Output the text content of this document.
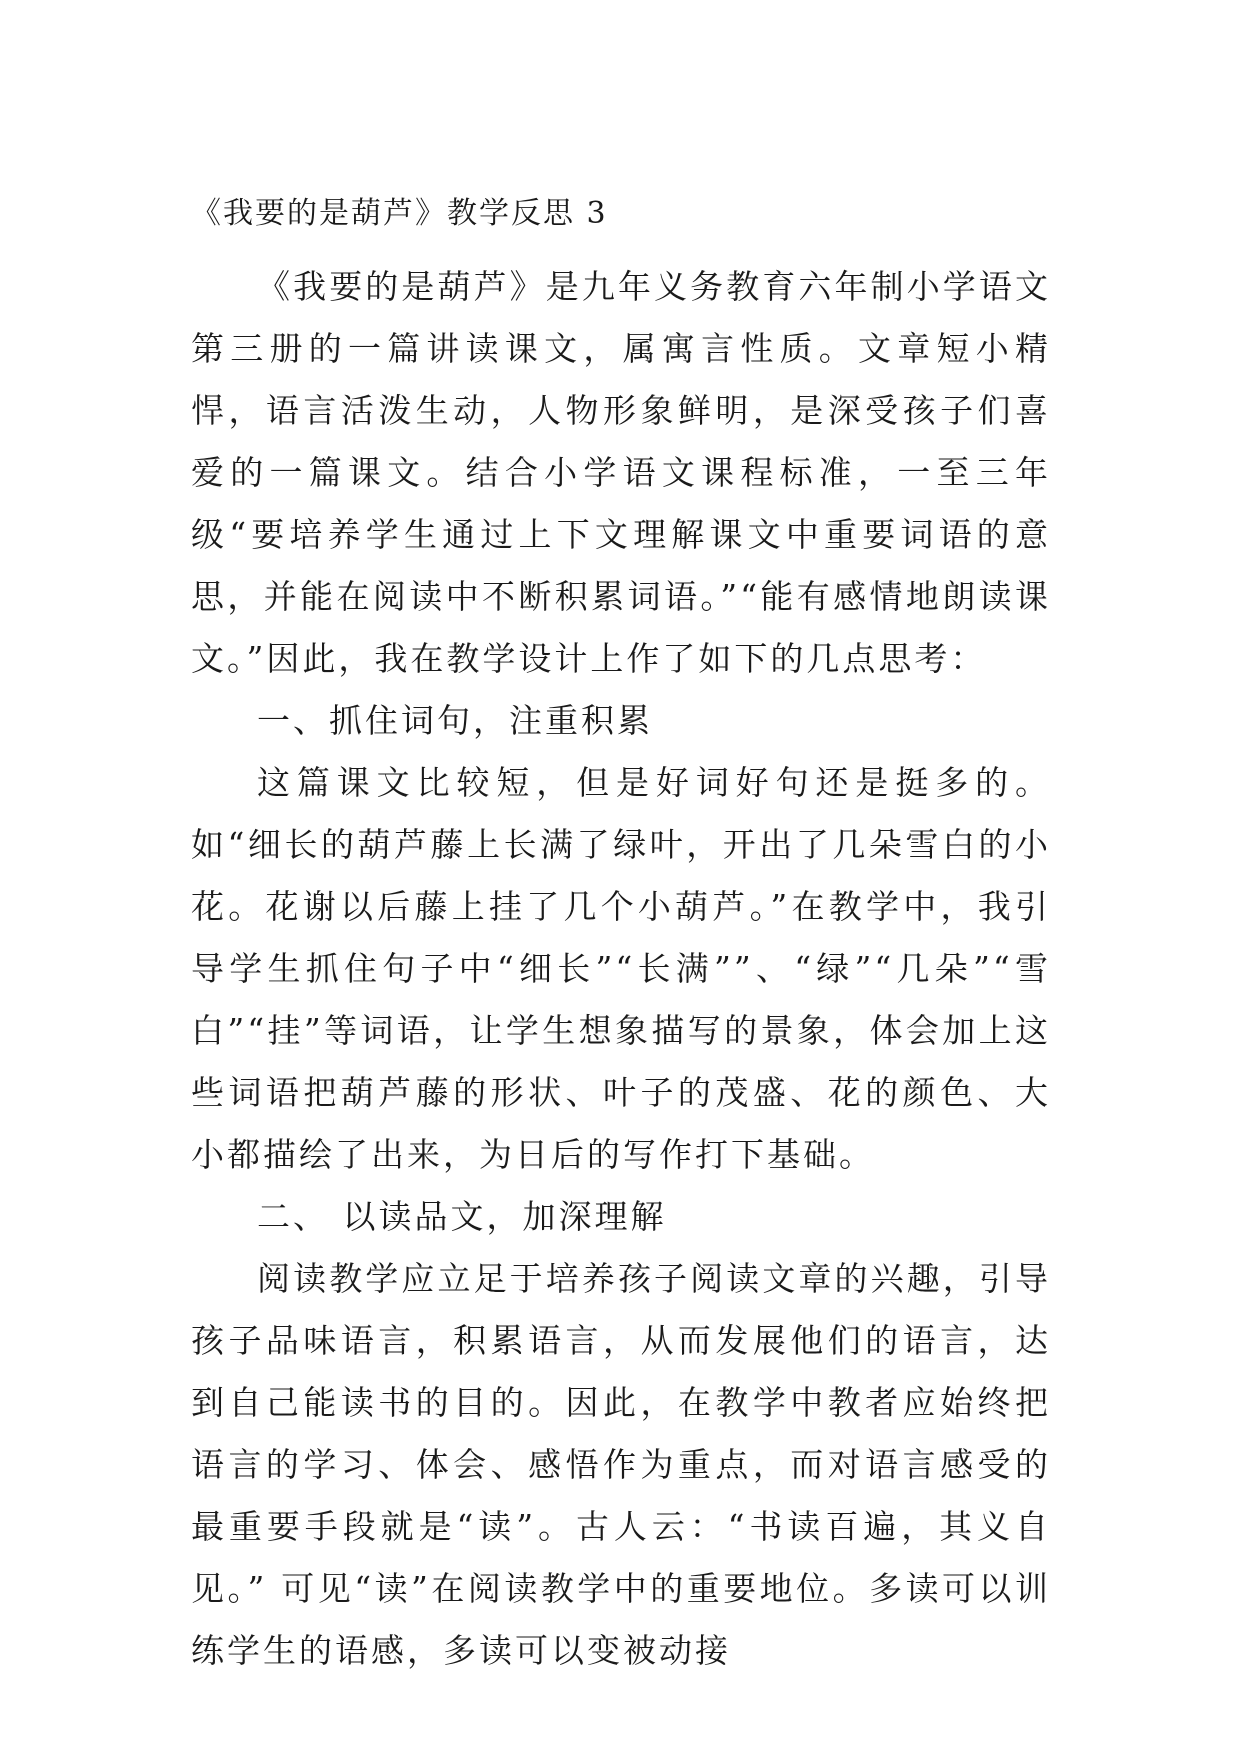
《我要的是葫芦》教学反思 3

《我要的是葫芦》是九年义务教育六年制小学语文第三册的一篇讲读课文，属寓言性质。文章短小精悍，语言活泼生动，人物形象鲜明，是深受孩子们喜爱的一篇课文。结合小学语文课程标准，一至三年级“要培养学生通过上下文理解课文中重要词语的意思，并能在阅读中不断积累词语。”“能有感情地朗读课文。”因此，我在教学设计上作了如下的几点思考：

一、抓住词句，注重积累

这篇课文比较短，但是好词好句还是挺多的。如“细长的葫芦藤上长满了绿叶，开出了几朵雪白的小花。花谢以后藤上挂了几个小葫芦。”在教学中，我引导学生抓住句子中“细长”“长满””、“绿”“几朵”“雪白”“挂”等词语，让学生想象描写的景象，体会加上这些词语把葫芦藤的形状、叶子的茂盛、花的颜色、大小都描绘了出来，为日后的写作打下基础。

二、 以读品文，加深理解

阅读教学应立足于培养孩子阅读文章的兴趣，引导孩子品味语言，积累语言，从而发展他们的语言，达到自己能读书的目的。因此，在教学中教者应始终把语言的学习、体会、感悟作为重点，而对语言感受的最重要手段就是“读”。古人云：“书读百遍，其义自见。” 可见“读”在阅读教学中的重要地位。多读可以训练学生的语感，多读可以变被动接
